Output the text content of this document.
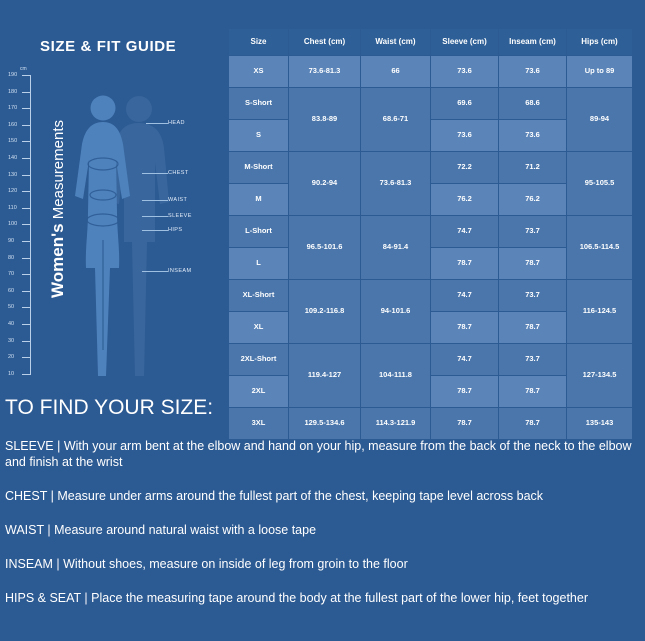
SIZE & FIT GUIDE
Women's Measurements
cm
190
180
170
160
150
140
130
120
110
100
90
80
70
60
50
40
30
20
10
HEAD
CHEST
WAIST
SLEEVE
HIPS
INSEAM
Size	Chest (cm)	Waist (cm)	Sleeve (cm)	Inseam (cm)	Hips (cm)
XS	73.6-81.3	66	73.6	73.6	Up to 89
S-Short	83.8-89	68.6-71	69.6	68.6	89-94
S			73.6	73.6	
M-Short	90.2-94	73.6-81.3	72.2	71.2	95-105.5
M			76.2	76.2	
L-Short	96.5-101.6	84-91.4	74.7	73.7	106.5-114.5
L			78.7	78.7	
XL-Short	109.2-116.8	94-101.6	74.7	73.7	116-124.5
XL			78.7	78.7	
2XL-Short	119.4-127	104-111.8	74.7	73.7	127-134.5
2XL			78.7	78.7	
3XL	129.5-134.6	114.3-121.9	78.7	78.7	135-143
TO FIND YOUR SIZE:
SLEEVE | With your arm bent at the elbow and hand on your hip, measure from the back of the neck to the elbow and finish at the wrist
CHEST | Measure under arms around the fullest part of the chest, keeping tape level across back
WAIST | Measure around natural waist with a loose tape
INSEAM | Without shoes, measure on inside of leg from groin to the floor
HIPS & SEAT | Place the measuring tape around the body at the fullest part of the lower hip, feet together
